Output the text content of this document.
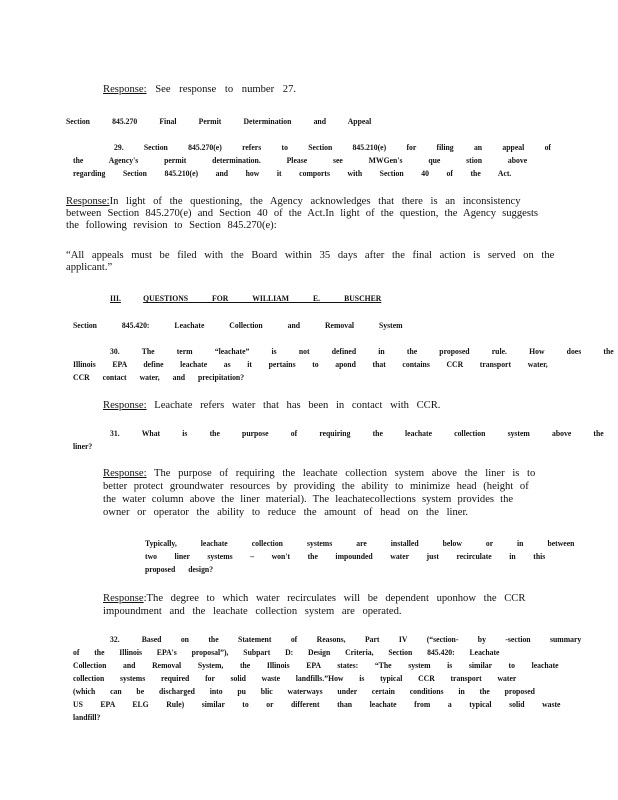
Response: See response to number 27.
Section 845.270 Final Permit Determination and Appeal
29. Section 845.270(e) refers to Section 845.210(e) for filing an appeal of
the Agency's permit determination. Please see MWGen's que stion above
regarding Section 845.210(e) and how it comports with Section 40 of the Act.
Response:In light of the questioning, the Agency acknowledges that there is an inconsistency
between Section 845.270(e) and Section 40 of the Act.In light of the question, the Agency suggests
the following revision to Section 845.270(e):
“All appeals must be filed with the Board within 35 days after the final action is served on the
applicant.”
III.	QUESTIONS FOR WILLIAM E. BUSCHER
Section 845.420: Leachate Collection and Removal System
30.	The term “leachate” is not defined in the proposed rule. How does the
Illinois EPA define leachate as it pertains to apond that contains CCR transport water,
CCR contact water, and precipitation?
Response: Leachate refers water that has been in contact with CCR.
31.	What is the purpose of requiring the leachate collection system above the
liner?
Response: The purpose of requiring the leachate collection system above the liner is to
better protect groundwater resources by providing the ability to minimize head (height of
the water column above the liner material). The leachatecollections system provides the
owner or operator the ability to reduce the amount of head on the liner.
Typically, leachate collection systems are installed below or in between
two liner systems – won't the impounded water just recirculate in this
proposed design?
Response:The degree to which water recirculates will be dependent uponhow the CCR
impoundment and the leachate collection system are operated.
32.	Based on the Statement of Reasons, Part IV (“section- by -section summary
of the Illinois EPA's proposal”), Subpart D: Design Criteria, Section 845.420: Leachate
Collection and Removal System, the Illinois EPA states: “The system is similar to leachate
collection systems required for solid waste landfills.”How is typical CCR transport water
(which can be discharged into pu blic waterways under certain conditions in the proposed
US EPA ELG Rule) similar to or different than leachate from a typical solid waste
landfill?
